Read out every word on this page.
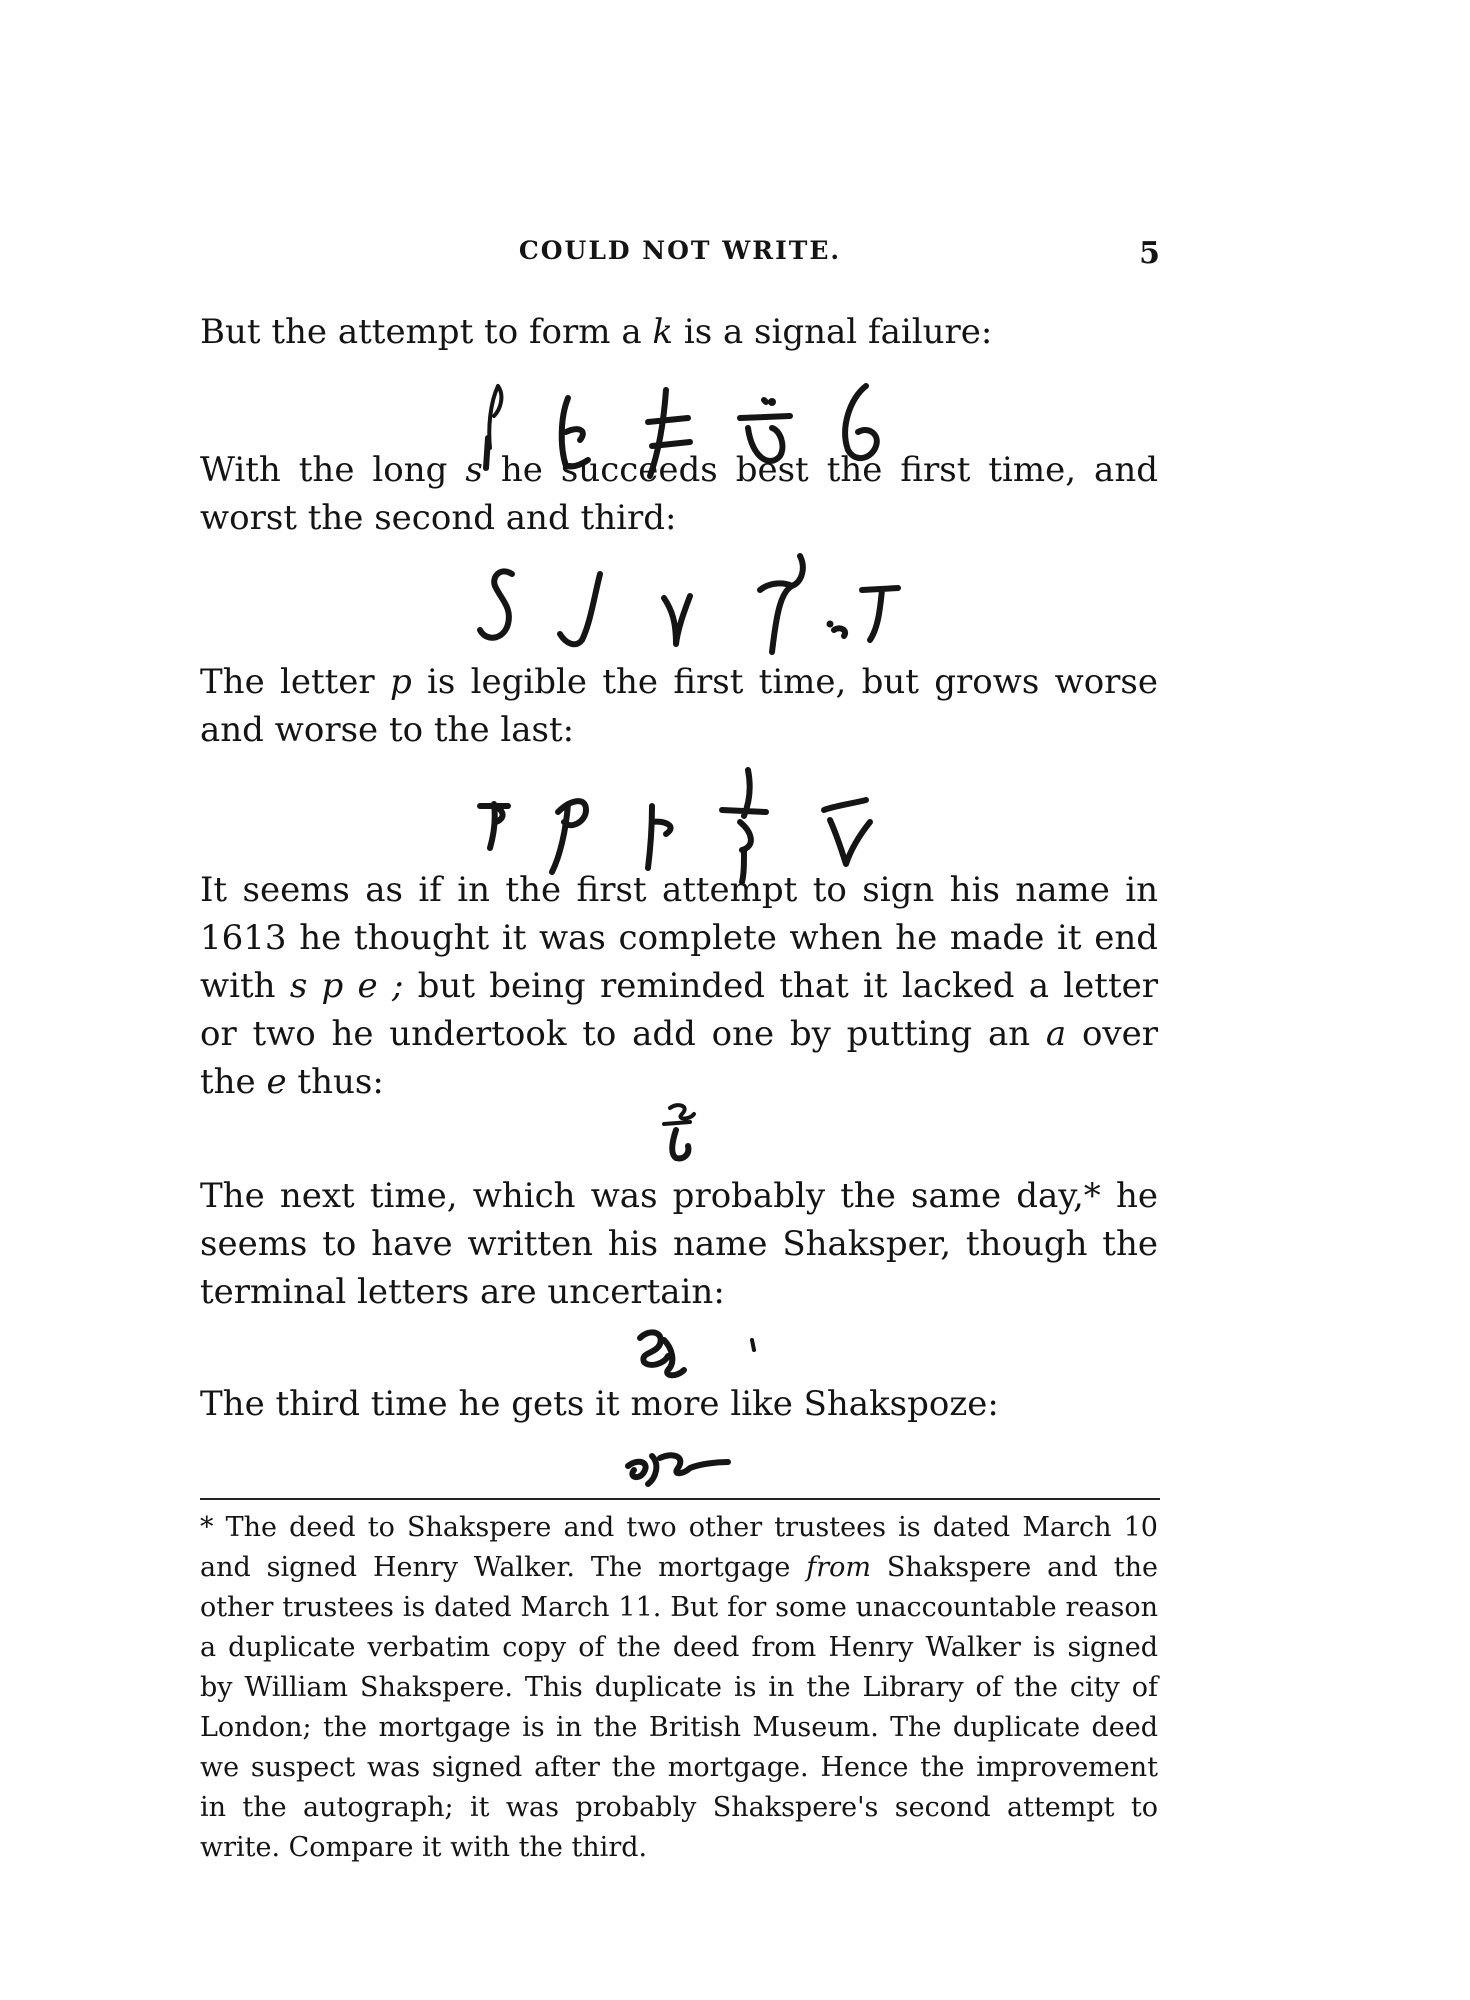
COULD NOT WRITE.	5

But the attempt to form a k is a signal failure:

With the long s he succeeds best the first time, and worst the second and third:

The letter p is legible the first time, but grows worse and worse to the last:

It seems as if in the first attempt to sign his name in 1613 he thought it was complete when he made it end with s p e ; but being reminded that it lacked a letter or two he undertook to add one by putting an a over the e thus:

The next time, which was probably the same day,* he seems to have written his name Shaksper, though the terminal letters are uncertain:

The third time he gets it more like Shakspoze:

* The deed to Shakspere and two other trustees is dated March 10 and signed Henry Walker. The mortgage from Shakspere and the other trustees is dated March 11. But for some unaccountable reason a duplicate verbatim copy of the deed from Henry Walker is signed by William Shakspere. This duplicate is in the Library of the city of London; the mortgage is in the British Museum. The duplicate deed we suspect was signed after the mortgage. Hence the improvement in the autograph; it was probably Shakspere's second attempt to write. Compare it with the third.
